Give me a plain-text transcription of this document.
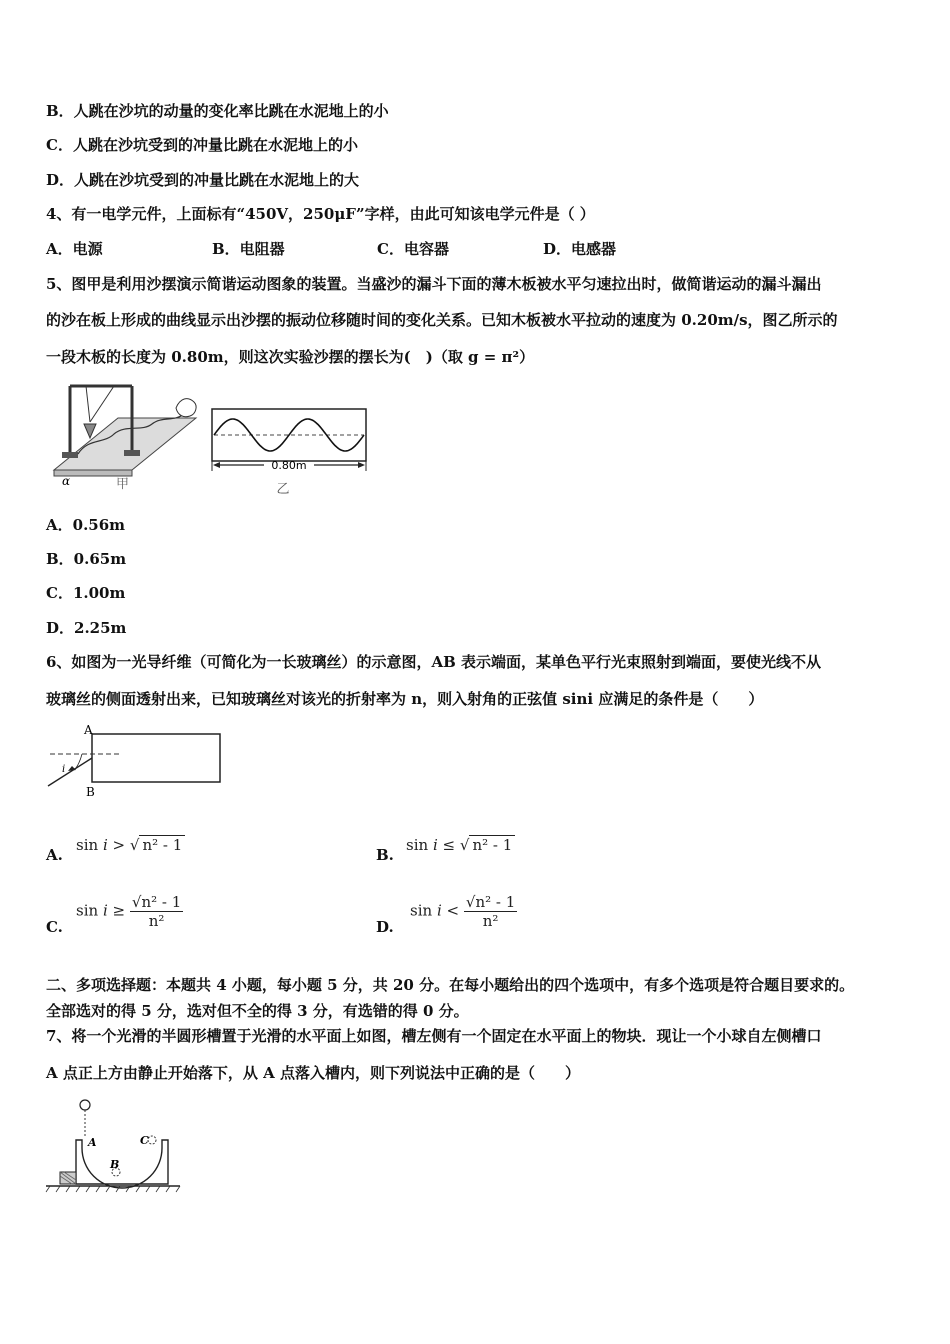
B．人跳在沙坑的动量的变化率比跳在水泥地上的小
C．人跳在沙坑受到的冲量比跳在水泥地上的小
D．人跳在沙坑受到的冲量比跳在水泥地上的大
4、有一电学元件，上面标有“450V，250μF”字样，由此可知该电学元件是（ ）
A．电源	B．电阻器	C．电容器	D．电感器
5、图甲是利用沙摆演示简谐运动图象的装置。当盛沙的漏斗下面的薄木板被水平匀速拉出时，做简谐运动的漏斗漏出
的沙在板上形成的曲线显示出沙摆的振动位移随时间的变化关系。已知木板被水平拉动的速度为 0.20m/s，图乙所示的
一段木板的长度为 0.80m，则这次实验沙摆的摆长为(　)（取 g = π²）
α	甲
0.80m
乙
A．0.56m
B．0.65m
C．1.00m
D．2.25m
6、如图为一光导纤维（可简化为一长玻璃丝）的示意图，AB 表示端面，某单色平行光束照射到端面，要使光线不从
玻璃丝的侧面透射出来，已知玻璃丝对该光的折射率为 n，则入射角的正弦值 sini 应满足的条件是（　　）
A
B
i
A.
sin i > √ n² - 1
B.
sin i ≤ √ n² - 1
C.
$\sin i \ge \frac{\text{√n² - 1}}{\text{n²}}$	D.
$\sin i < \frac{\text{√n² - 1}}{\text{n²}}$
二、多项选择题：本题共 4 小题，每小题 5 分，共 20 分。在每小题给出的四个选项中，有多个选项是符合题目要求的。
全部选对的得 5 分，选对但不全的得 3 分，有选错的得 0 分。
7、将一个光滑的半圆形槽置于光滑的水平面上如图，槽左侧有一个固定在水平面上的物块．现让一个小球自左侧槽口
A 点正上方由静止开始落下，从 A 点落入槽内，则下列说法中正确的是（　　）
A
B
C
